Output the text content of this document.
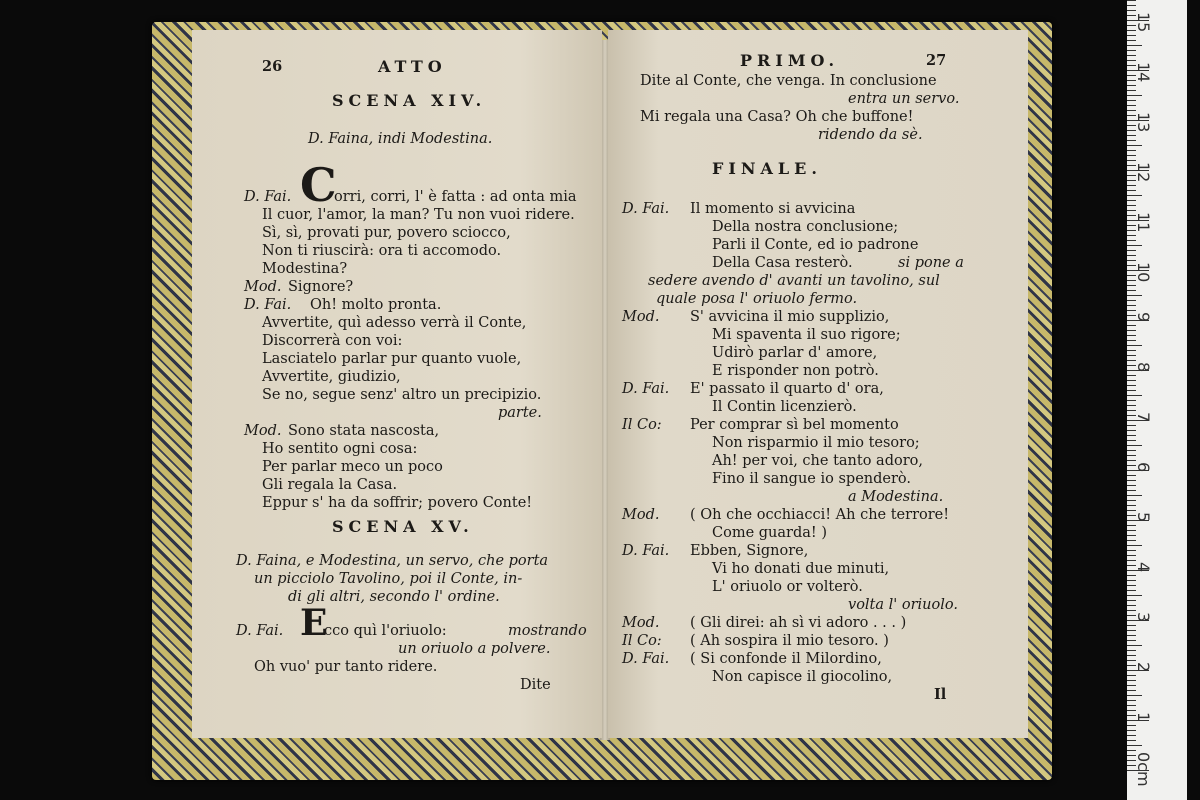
26	ATTO
SCENA XIV.
D. Faina, indi Modestina.
C
D. Fai.	orri, corri, l' è fatta : ad onta mia
Il cuor, l'amor, la man? Tu non vuoi ridere.
Sì, sì, provati pur, povero sciocco,
Non ti riuscirà: ora ti accomodo.
Modestina?
Mod. Signore?
D. Fai. Oh! molto pronta.
Avvertite, quì adesso verrà il Conte,
Discorrerà con voi:
Lasciatelo parlar pur quanto vuole,
Avvertite, giudizio,
Se no, segue senz' altro un precipizio.
parte.
Mod. Sono stata nascosta,
Ho sentito ogni cosa:
Per parlar meco un poco
Gli regala la Casa.
Eppur s' ha da soffrir; povero Conte!
SCENA XV.
D. Faina, e Modestina, un servo, che porta
un picciolo Tavolino, poi il Conte, in-
di gli altri, secondo l' ordine.
D. Fai. E
cco quì l'oriuolo:	mostrando
un oriuolo a polvere.
Oh vuo' pur tanto ridere.
Dite
PRIMO.	27
Dite al Conte, che venga. In conclusione
entra un servo.
Mi regala una Casa? Oh che buffone!
ridendo da sè.
FINALE.
D. Fai. Il momento si avvicina
Della nostra conclusione;
Parli il Conte, ed io padrone
Della Casa resterò.	si pone a
sedere avendo d' avanti un tavolino, sul
quale posa l' oriuolo fermo.
Mod. S' avvicina il mio supplizio,
Mi spaventa il suo rigore;
Udirò parlar d' amore,
E risponder non potrò.
D. Fai. E' passato il quarto d' ora,
Il Contin licenzierò.
Il Co: Per comprar sì bel momento
Non risparmio il mio tesoro;
Ah! per voi, che tanto adoro,
Fino il sangue io spenderò.
a Modestina.
Mod. ( Oh che occhiacci! Ah che terrore!
Come guarda! )
D. Fai. Ebben, Signore,
Vi ho donati due minuti,
L' oriuolo or volterò.
volta l' oriuolo.
Mod. ( Gli direi: ah sì vi adoro . . . )
Il Co: ( Ah sospira il mio tesoro. )
D. Fai. ( Si confonde il Milordino,
Non capisce il giocolino,
Il
0cm
1
2
3
4
5
6
7
8
9
10
11
12
13
14
15
